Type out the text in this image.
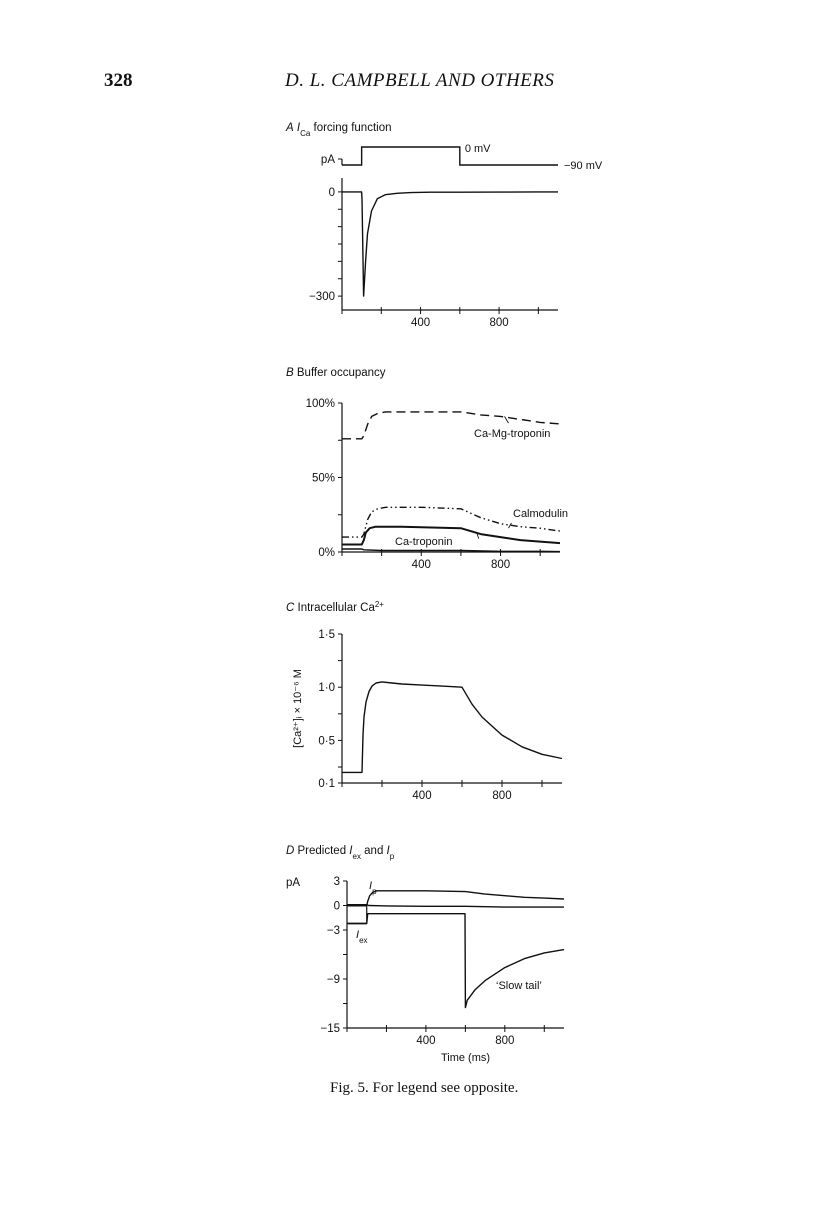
328	D. L. CAMPBELL AND OTHERS
A $I_{Ca}$ forcing function
0 mV
−90 mV
pA
400	800
0
−300
B Buffer occupancy
400	800
0%
50%
100%
Ca-Mg-troponin
Calmodulin
Ca-troponin
C Intracellular $Ca^{2+}$
400	800
0·1
0·5
1·0
1·5
[Ca²⁺]ᵢ × 10⁻⁶ M
D Predicted $I_{ex}$ and $I_p$
400	800
3
0
−3
−9
−15
pA
Time (ms)
$I_p$
$I_{ex}$
‘Slow tail’
Fig. 5. For legend see opposite.
